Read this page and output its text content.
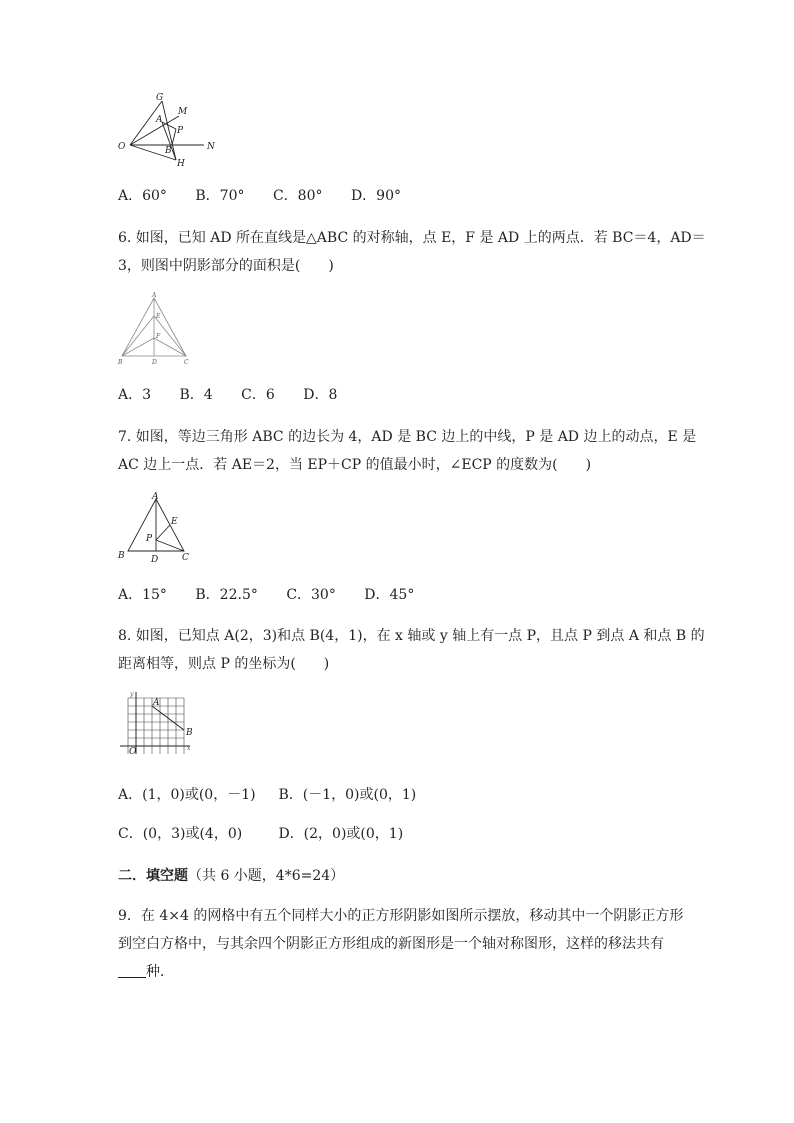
G
M
A
P
O	N
B
H
A．60° B．70° C．80° D．90°
6. 如图，已知 AD 所在直线是△ABC 的对称轴，点 E，F 是 AD 上的两点．若 BC＝4，AD＝
3，则图中阴影部分的面积是(　　)
A
E
F
B	D	C
A．3 B．4 C．6 D．8
7. 如图，等边三角形 ABC 的边长为 4，AD 是 BC 边上的中线，P 是 AD 边上的动点，E 是
AC 边上一点．若 AE＝2，当 EP＋CP 的值最小时，∠ECP 的度数为(　　)
A
E
P
B	D	C
A．15° B．22.5° C．30° D．45°
8. 如图，已知点 A(2，3)和点 B(4，1)，在 x 轴或 y 轴上有一点 P，且点 P 到点 A 和点 B 的
距离相等，则点 P 的坐标为(　　)
y
A
B
O	x
A．(1，0)或(0，－1) B．(－1，0)或(0，1)
C．(0，3)或(4，0)	D．(2，0)或(0，1)
二．填空题（共 6 小题，4*6=24）
9．在 4×4 的网格中有五个同样大小的正方形阴影如图所示摆放，移动其中一个阴影正方形
到空白方格中，与其余四个阴影正方形组成的新图形是一个轴对称图形，这样的移法共有
种．
